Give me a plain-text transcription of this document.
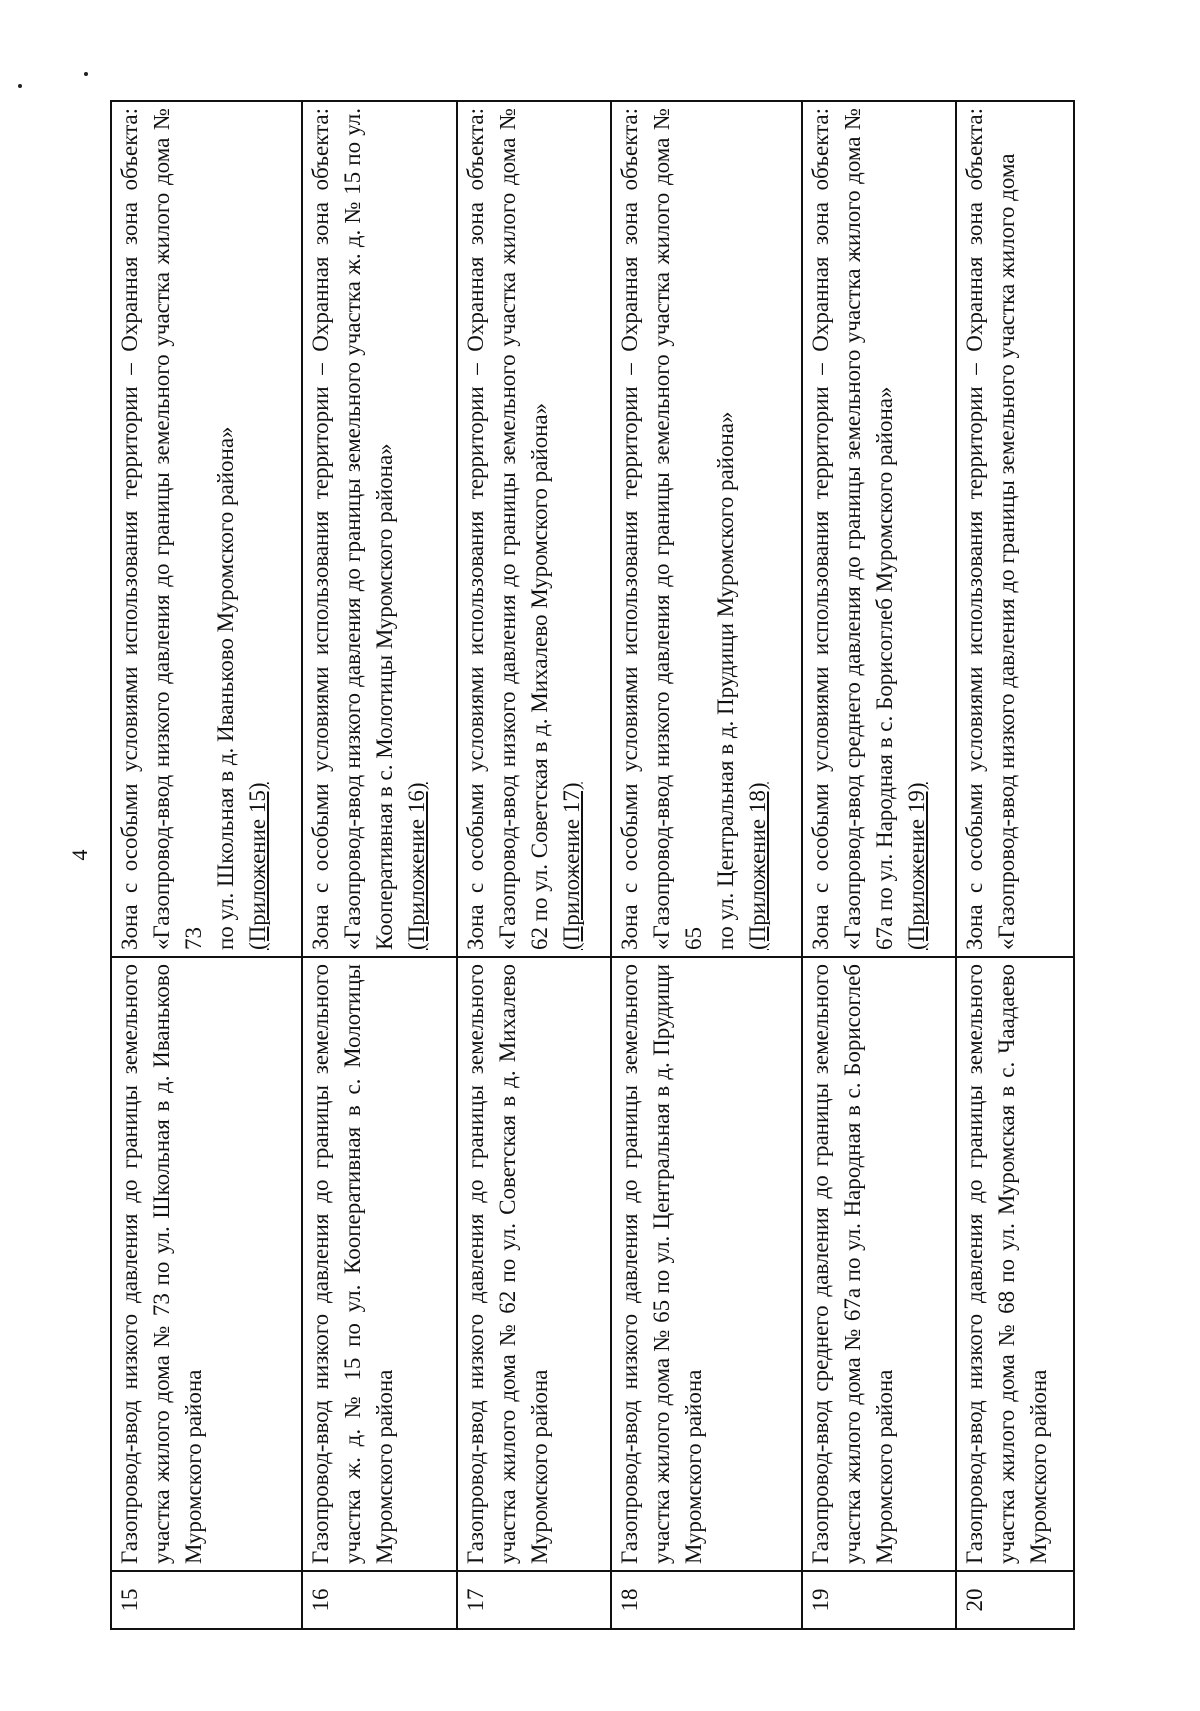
4
15	Газопровод-ввод низкого давления до границы земельного участка жилого дома № 73 по ул. Школьная в д. Иваньково Муромского района	Зона с особыми условиями использования территории – Охранная зона объекта: «Газопровод-ввод низкого давления до границы земельного участка жилого дома № 73 по ул. Школьная в д. Иваньково Муромского района» (Приложение 15)

16	Газопровод-ввод низкого давления до границы земельного участка ж. д. № 15 по ул. Кооперативная в с. Молотицы Муромского района	Зона с особыми условиями использования территории – Охранная зона объекта: «Газопровод-ввод низкого давления до границы земельного участка ж. д. № 15 по ул. Кооперативная в с. Молотицы Муромского района» (Приложение 16)

17	Газопровод-ввод низкого давления до границы земельного участка жилого дома № 62 по ул. Советская в д. Михалево Муромского района	Зона с особыми условиями использования территории – Охранная зона объекта: «Газопровод-ввод низкого давления до границы земельного участка жилого дома № 62 по ул. Советская в д. Михалево Муромского района» (Приложение 17)

18	Газопровод-ввод низкого давления до границы земельного участка жилого дома № 65 по ул. Центральная в д. Прудищи Муромского района	Зона с особыми условиями использования территории – Охранная зона объекта: «Газопровод-ввод низкого давления до границы земельного участка жилого дома № 65 по ул. Центральная в д. Прудищи Муромского района» (Приложение 18)

19	Газопровод-ввод среднего давления до границы земельного участка жилого дома № 67а по ул. Народная в с. Борисоглеб Муромского района	Зона с особыми условиями использования территории – Охранная зона объекта: «Газопровод-ввод среднего давления до границы земельного участка жилого дома № 67а по ул. Народная в с. Борисоглеб Муромского района» (Приложение 19)

20	Газопровод-ввод низкого давления до границы земельного участка жилого дома № 68 по ул. Муромская в с. Чаадаево Муромского района	Зона с особыми условиями использования территории – Охранная зона объекта: «Газопровод-ввод низкого давления до границы земельного участка жилого дома
